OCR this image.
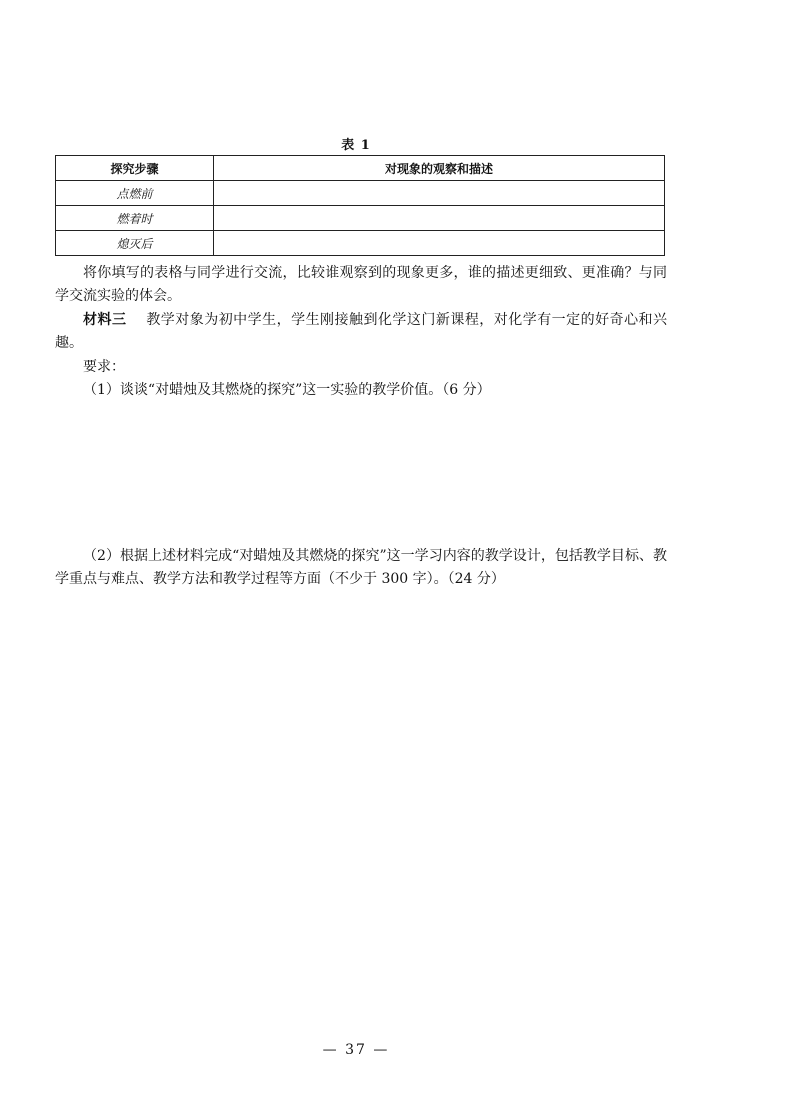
表 1
探究步骤	对现象的观察和描述
点燃前	
燃着时	
熄灭后	
将你填写的表格与同学进行交流，比较谁观察到的现象更多，谁的描述更细致、更准确？与同学交流实验的体会。
材料三 教学对象为初中学生，学生刚接触到化学这门新课程，对化学有一定的好奇心和兴趣。
要求：
（1）谈谈“对蜡烛及其燃烧的探究”这一实验的教学价值。（6 分）
（2）根据上述材料完成“对蜡烛及其燃烧的探究”这一学习内容的教学设计，包括教学目标、教学重点与难点、教学方法和教学过程等方面（不少于 300 字）。（24 分）
— 37 —
